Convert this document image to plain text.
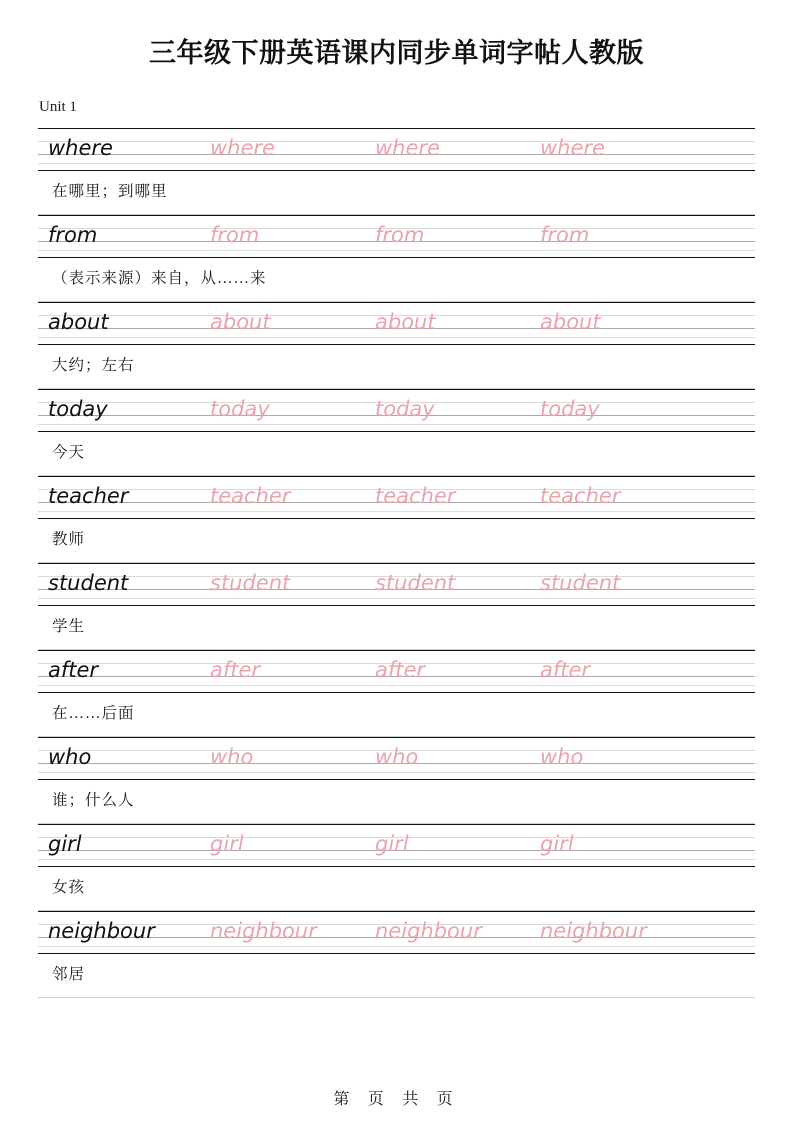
三年级下册英语课内同步单词字帖人教版
Unit 1
where	where	where	where
在哪里；到哪里
from	from	from	from
（表示来源）来自，从……来
about	about	about	about
大约；左右
today	today	today	today
今天
teacher	teacher	teacher	teacher
教师
student	student	student	student
学生
after	after	after	after
在……后面
who	who	who	who
谁；什么人
girl	girl	girl	girl
女孩
neighbour	neighbour	neighbour	neighbour
邻居
第 页 共 页
